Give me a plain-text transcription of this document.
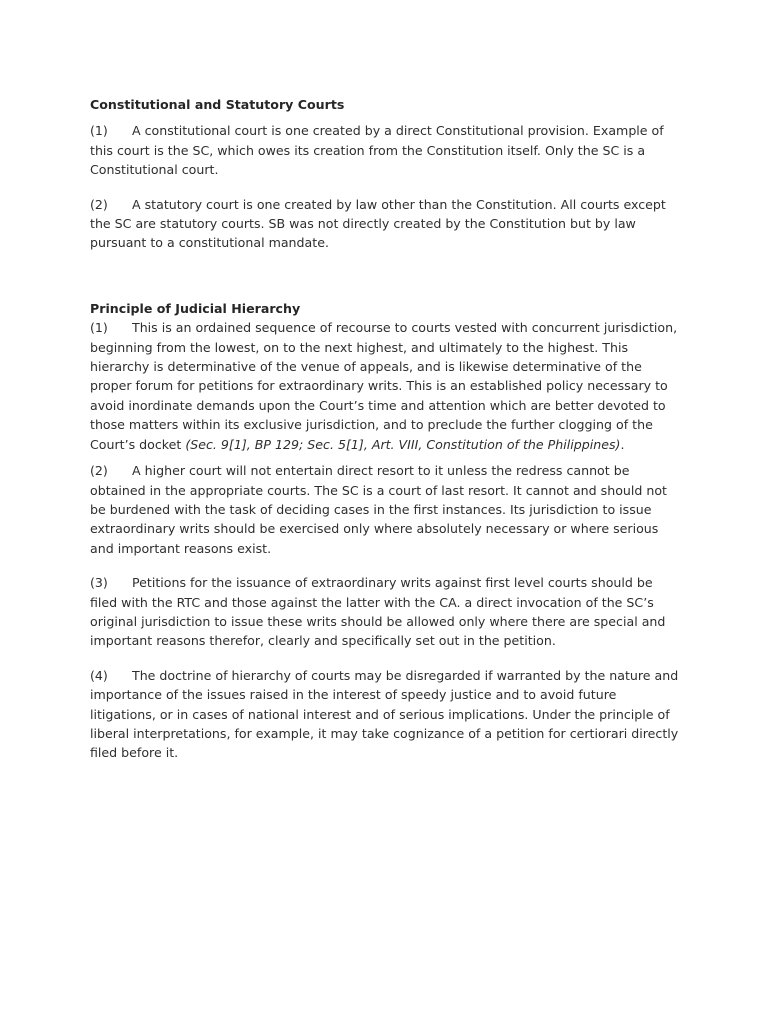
Constitutional and Statutory Courts

(1) A constitutional court is one created by a direct Constitutional provision. Example of this court is the SC, which owes its creation from the Constitution itself. Only the SC is a Constitutional court.

(2) A statutory court is one created by law other than the Constitution. All courts except the SC are statutory courts. SB was not directly created by the Constitution but by law pursuant to a constitutional mandate.

Principle of Judicial Hierarchy

(1) This is an ordained sequence of recourse to courts vested with concurrent jurisdiction, beginning from the lowest, on to the next highest, and ultimately to the highest. This hierarchy is determinative of the venue of appeals, and is likewise determinative of the proper forum for petitions for extraordinary writs. This is an established policy necessary to avoid inordinate demands upon the Court’s time and attention which are better devoted to those matters within its exclusive jurisdiction, and to preclude the further clogging of the Court’s docket (Sec. 9[1], BP 129; Sec. 5[1], Art. VIII, Constitution of the Philippines).

(2) A higher court will not entertain direct resort to it unless the redress cannot be obtained in the appropriate courts. The SC is a court of last resort. It cannot and should not be burdened with the task of deciding cases in the first instances. Its jurisdiction to issue extraordinary writs should be exercised only where absolutely necessary or where serious and important reasons exist.

(3) Petitions for the issuance of extraordinary writs against first level courts should be filed with the RTC and those against the latter with the CA. a direct invocation of the SC’s original jurisdiction to issue these writs should be allowed only where there are special and important reasons therefor, clearly and specifically set out in the petition.

(4) The doctrine of hierarchy of courts may be disregarded if warranted by the nature and importance of the issues raised in the interest of speedy justice and to avoid future litigations, or in cases of national interest and of serious implications. Under the principle of liberal interpretations, for example, it may take cognizance of a petition for certiorari directly filed before it.
